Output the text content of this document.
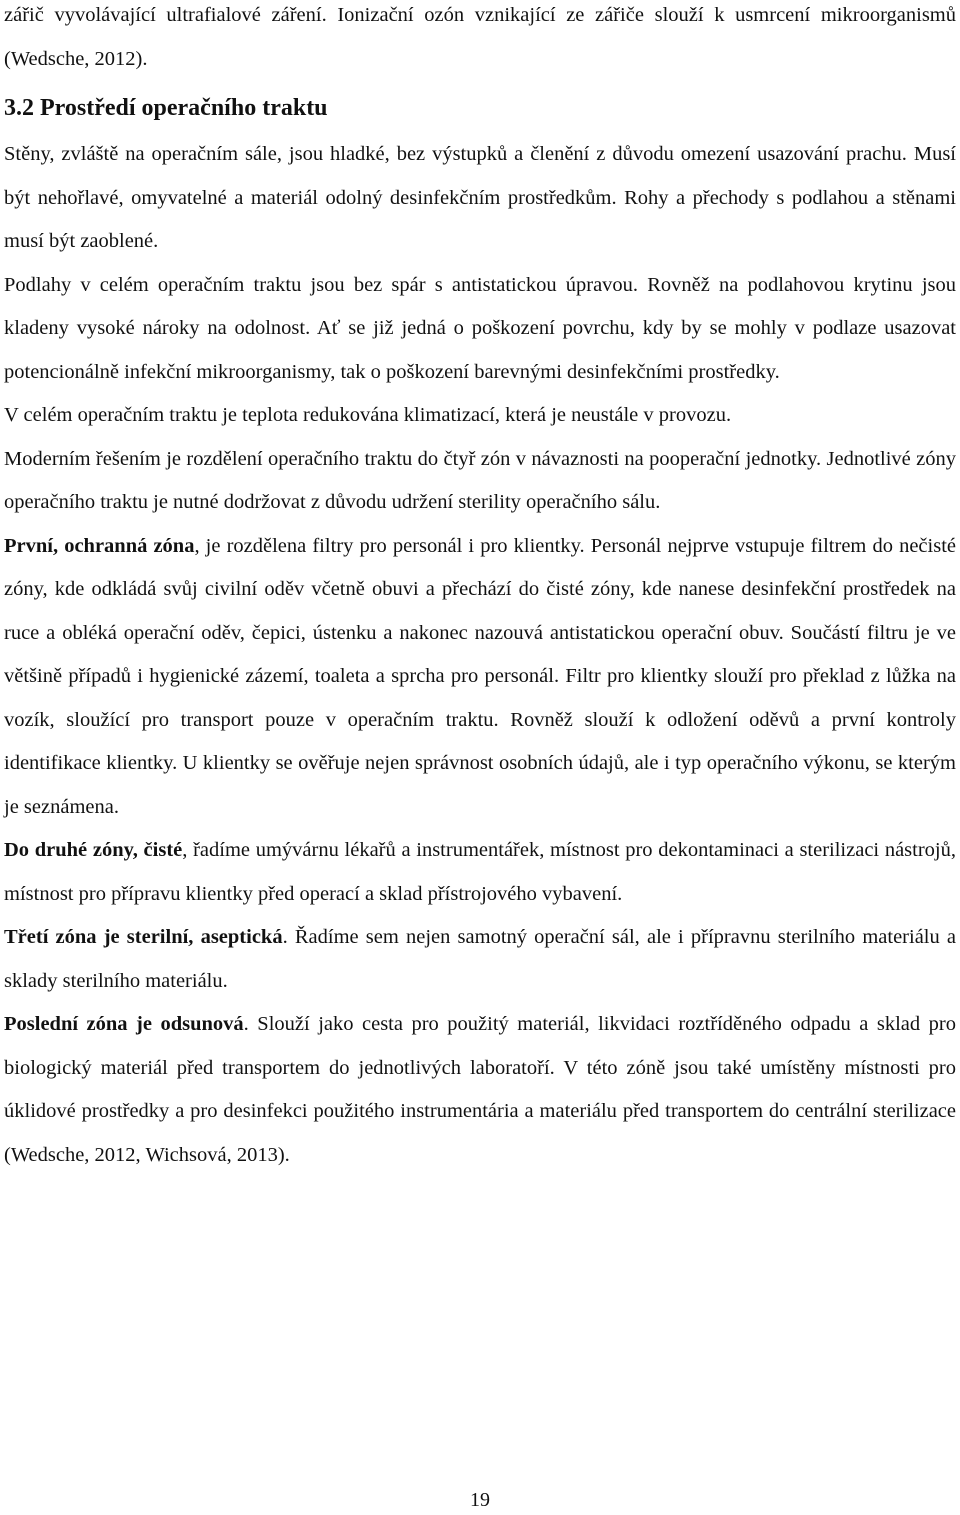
zářič vyvolávající ultrafialové záření. Ionizační ozón vznikající ze zářiče slouží k usmrcení mikroorganismů (Wedsche, 2012).

3.2 Prostředí operačního traktu

Stěny, zvláště na operačním sále, jsou hladké, bez výstupků a členění z důvodu omezení usazování prachu. Musí být nehořlavé, omyvatelné a materiál odolný desinfekčním prostředkům. Rohy a přechody s podlahou a stěnami musí být zaoblené.

Podlahy v celém operačním traktu jsou bez spár s antistatickou úpravou. Rovněž na podlahovou krytinu jsou kladeny vysoké nároky na odolnost. Ať se již jedná o poškození povrchu, kdy by se mohly v podlaze usazovat potencionálně infekční mikroorganismy, tak o poškození barevnými desinfekčními prostředky.

V celém operačním traktu je teplota redukována klimatizací, která je neustále v provozu.

Moderním řešením je rozdělení operačního traktu do čtyř zón v návaznosti na pooperační jednotky. Jednotlivé zóny operačního traktu je nutné dodržovat z důvodu udržení sterility operačního sálu.

První, ochranná zóna, je rozdělena filtry pro personál i pro klientky. Personál nejprve vstupuje filtrem do nečisté zóny, kde odkládá svůj civilní oděv včetně obuvi a přechází do čisté zóny, kde nanese desinfekční prostředek na ruce a obléká operační oděv, čepici, ústenku a nakonec nazouvá antistatickou operační obuv. Součástí filtru je ve většině případů i hygienické zázemí, toaleta a sprcha pro personál. Filtr pro klientky slouží pro překlad z lůžka na vozík, sloužící pro transport pouze v operačním traktu. Rovněž slouží k odložení oděvů a první kontroly identifikace klientky. U klientky se ověřuje nejen správnost osobních údajů, ale i typ operačního výkonu, se kterým je seznámena.

Do druhé zóny, čisté, řadíme umývárnu lékařů a instrumentářek, místnost pro dekontaminaci a sterilizaci nástrojů, místnost pro přípravu klientky před operací a sklad přístrojového vybavení.

Třetí zóna je sterilní, aseptická. Řadíme sem nejen samotný operační sál, ale i přípravnu sterilního materiálu a sklady sterilního materiálu.

Poslední zóna je odsunová. Slouží jako cesta pro použitý materiál, likvidaci roztříděného odpadu a sklad pro biologický materiál před transportem do jednotlivých laboratoří. V této zóně jsou také umístěny místnosti pro úklidové prostředky a pro desinfekci použitého instrumentária a materiálu před transportem do centrální sterilizace (Wedsche, 2012, Wichsová, 2013).

19
